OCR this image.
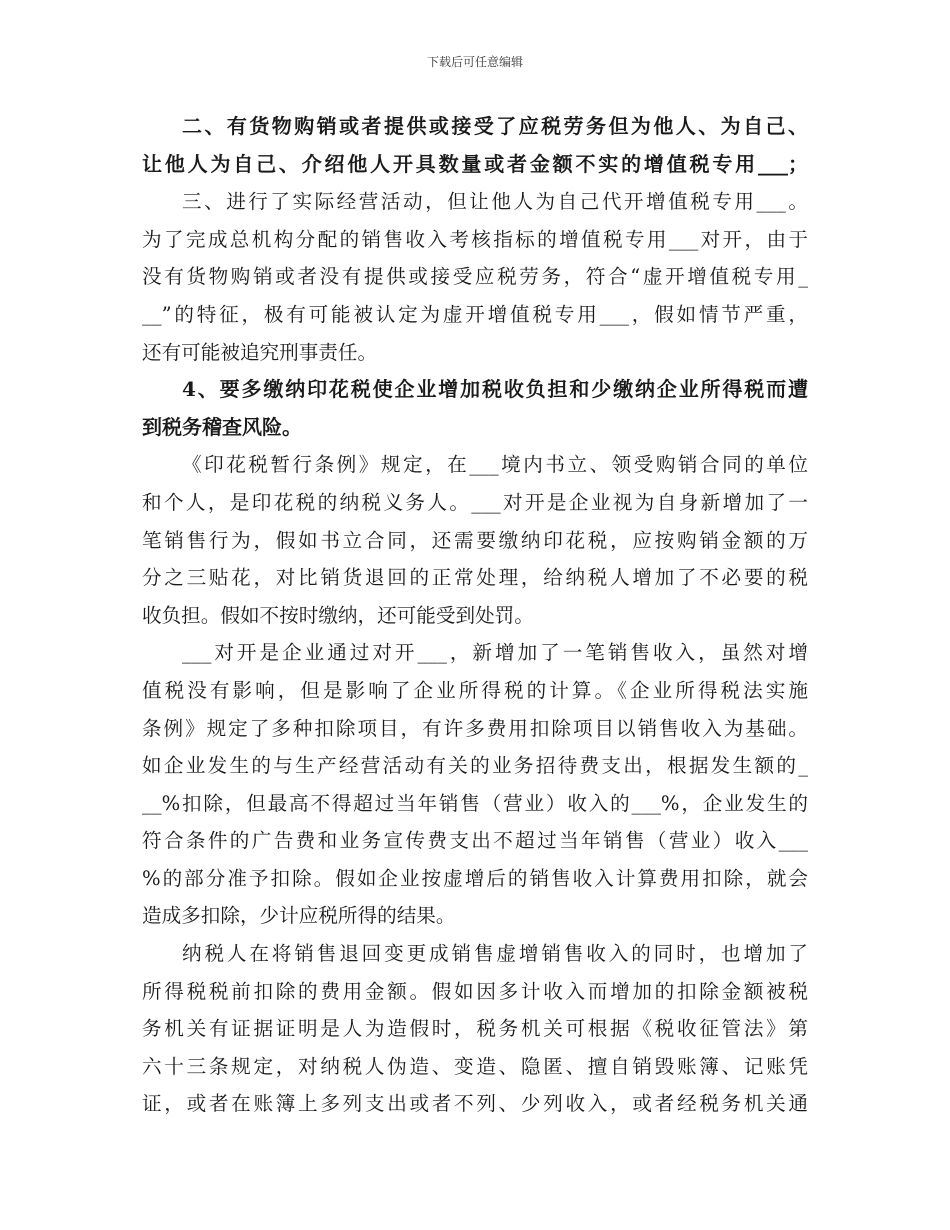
下载后可任意编辑
二、有货物购销或者提供或接受了应税劳务但为他人、为自己、
让他人为自己、介绍他人开具数量或者金额不实的增值税专用___；
三、进行了实际经营活动，但让他人为自己代开增值税专用___。
为了完成总机构分配的销售收入考核指标的增值税专用___对开，由于
没有货物购销或者没有提供或接受应税劳务，符合“虚开增值税专用_
__”的特征，极有可能被认定为虚开增值税专用___，假如情节严重，
还有可能被追究刑事责任。
4、要多缴纳印花税使企业增加税收负担和少缴纳企业所得税而遭
到税务稽查风险。
《印花税暂行条例》规定，在___境内书立、领受购销合同的单位
和个人，是印花税的纳税义务人。___对开是企业视为自身新增加了一
笔销售行为，假如书立合同，还需要缴纳印花税，应按购销金额的万
分之三贴花，对比销货退回的正常处理，给纳税人增加了不必要的税
收负担。假如不按时缴纳，还可能受到处罚。
___对开是企业通过对开___，新增加了一笔销售收入，虽然对增
值税没有影响，但是影响了企业所得税的计算。《企业所得税法实施
条例》规定了多种扣除项目，有许多费用扣除项目以销售收入为基础。
如企业发生的与生产经营活动有关的业务招待费支出，根据发生额的_
__%扣除，但最高不得超过当年销售（营业）收入的___%，企业发生的
符合条件的广告费和业务宣传费支出不超过当年销售（营业）收入___
%的部分准予扣除。假如企业按虚增后的销售收入计算费用扣除，就会
造成多扣除，少计应税所得的结果。
纳税人在将销售退回变更成销售虚增销售收入的同时，也增加了
所得税税前扣除的费用金额。假如因多计收入而增加的扣除金额被税
务机关有证据证明是人为造假时，税务机关可根据《税收征管法》第
六十三条规定，对纳税人伪造、变造、隐匿、擅自销毁账簿、记账凭
证，或者在账簿上多列支出或者不列、少列收入，或者经税务机关通
